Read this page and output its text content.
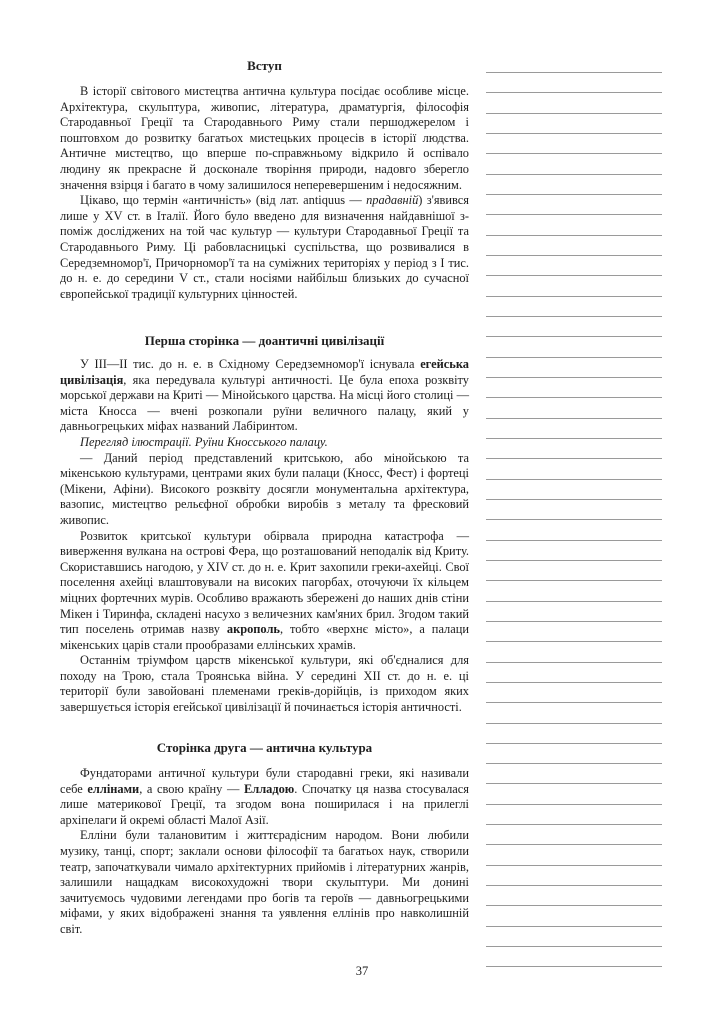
Вступ

В історії світового мистецтва антична культура посідає особливе місце. Архітектура, скульптура, живопис, література, драматургія, філософія Стародавньої Греції та Стародавнього Риму стали першоджерелом і поштовхом до розвитку багатьох мистецьких процесів в історії людства. Античне мистецтво, що вперше по-справжньому відкрило й оспівало людину як прекрасне й досконале творіння природи, надовго зберегло значення взірця і багато в чому залишилося неперевершеним і недосяжним.

Цікаво, що термін «античність» (від лат. antiquus — прадавній) з'явився лише у XV ст. в Італії. Його було введено для визначення найдавнішої з-поміж досліджених на той час культур — культури Стародавньої Греції та Стародавнього Риму. Ці рабовласницькі суспільства, що розвивалися в Середземномор'ї, Причорномор'ї та на суміжних територіях у період з I тис. до н. е. до середини V ст., стали носіями найбільш близьких до сучасної європейської традиції культурних цінностей.

Перша сторінка — доантичні цивілізації

У III—II тис. до н. е. в Східному Середземномор'ї існувала егейська цивілізація, яка передувала культурі античності. Це була епоха розквіту морської держави на Криті — Мінойського царства. На місці його столиці — міста Кносса — вчені розкопали руїни величного палацу, який у давньогрецьких міфах названий Лабіринтом.

Перегляд ілюстрації. Руїни Кносського палацу.

— Даний період представлений критською, або мінойською та мікенською культурами, центрами яких були палаци (Кносс, Фест) і фортеці (Мікени, Афіни). Високого розквіту досягли монументальна архітектура, вазопис, мистецтво рельєфної обробки виробів з металу та фресковий живопис.

Розвиток критської культури обірвала природна катастрофа — виверження вулкана на острові Фера, що розташований неподалік від Криту. Скориставшись нагодою, у XIV ст. до н. е. Крит захопили греки-ахейці. Свої поселення ахейці влаштовували на високих пагорбах, оточуючи їх кільцем міцних фортечних мурів. Особливо вражають збережені до наших днів стіни Мікен і Тиринфа, складені насухо з величезних кам'яних брил. Згодом такий тип поселень отримав назву акрополь, тобто «верхнє місто», а палаци мікенських царів стали прообразами еллінських храмів.

Останнім тріумфом царств мікенської культури, які об'єдналися для походу на Трою, стала Троянська війна. У середині XII ст. до н. е. ці території були завойовані племенами греків-дорійців, із приходом яких завершується історія егейської цивілізації й починається історія античності.

Сторінка друга — антична культура

Фундаторами античної культури були стародавні греки, які називали себе еллінами, а свою країну — Елладою. Спочатку ця назва стосувалася лише материкової Греції, та згодом вона поширилася і на прилеглі архіпелаги й окремі області Малої Азії.

Елліни були талановитим і життєрадісним народом. Вони любили музику, танці, спорт; заклали основи філософії та багатьох наук, створили театр, започаткували чимало архітектурних прийомів і літературних жанрів, залишили нащадкам високохудожні твори скульптури. Ми донині зачитуємось чудовими легендами про богів та героїв — давньогрецькими міфами, у яких відображені знання та уявлення еллінів про навколишній світ.

37
